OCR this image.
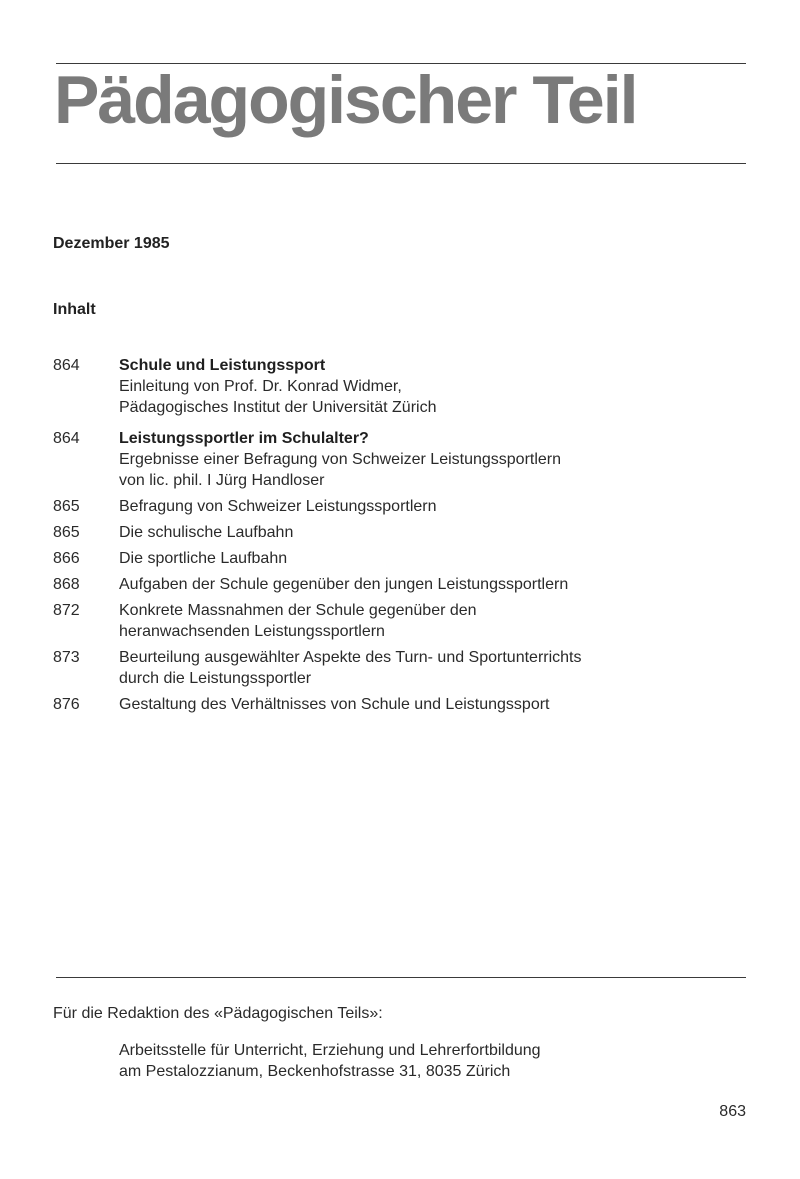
Pädagogischer Teil
Dezember 1985
Inhalt
864	Schule und Leistungssport
Einleitung von Prof. Dr. Konrad Widmer,
Pädagogisches Institut der Universität Zürich
864	Leistungssportler im Schulalter?
Ergebnisse einer Befragung von Schweizer Leistungssportlern
von lic. phil. I Jürg Handloser
865	Befragung von Schweizer Leistungssportlern
865	Die schulische Laufbahn
866	Die sportliche Laufbahn
868	Aufgaben der Schule gegenüber den jungen Leistungssportlern
872	Konkrete Massnahmen der Schule gegenüber den
heranwachsenden Leistungssportlern
873	Beurteilung ausgewählter Aspekte des Turn- und Sportunterrichts
durch die Leistungssportler
876	Gestaltung des Verhältnisses von Schule und Leistungssport
Für die Redaktion des «Pädagogischen Teils»:
Arbeitsstelle für Unterricht, Erziehung und Lehrerfortbildung
am Pestalozzianum, Beckenhofstrasse 31, 8035 Zürich
863
